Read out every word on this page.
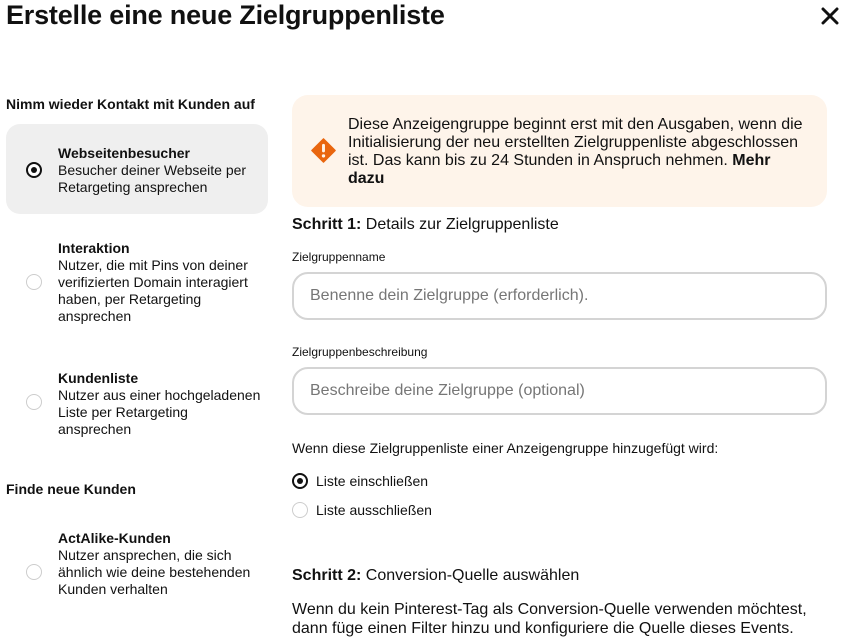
Erstelle eine neue Zielgruppenliste
Nimm wieder Kontakt mit Kunden auf
Webseitenbesucher
Besucher deiner Webseite per Retargeting ansprechen
Interaktion
Nutzer, die mit Pins von deiner verifizierten Domain interagiert haben, per Retargeting ansprechen
Kundenliste
Nutzer aus einer hochgeladenen Liste per Retargeting ansprechen
Finde neue Kunden
ActAlike-Kunden
Nutzer ansprechen, die sich ähnlich wie deine bestehenden Kunden verhalten
Diese Anzeigengruppe beginnt erst mit den Ausgaben, wenn die Initialisierung der neu erstellten Zielgruppenliste abgeschlossen ist. Das kann bis zu 24 Stunden in Anspruch nehmen. Mehr dazu
Schritt 1: Details zur Zielgruppenliste
Zielgruppenname
Benenne dein Zielgruppe (erforderlich).
Zielgruppenbeschreibung
Beschreibe deine Zielgruppe (optional)
Wenn diese Zielgruppenliste einer Anzeigengruppe hinzugefügt wird:
Liste einschließen
Liste ausschließen
Schritt 2: Conversion-Quelle auswählen
Wenn du kein Pinterest-Tag als Conversion-Quelle verwenden möchtest, dann füge einen Filter hinzu und konfiguriere die Quelle dieses Events.
